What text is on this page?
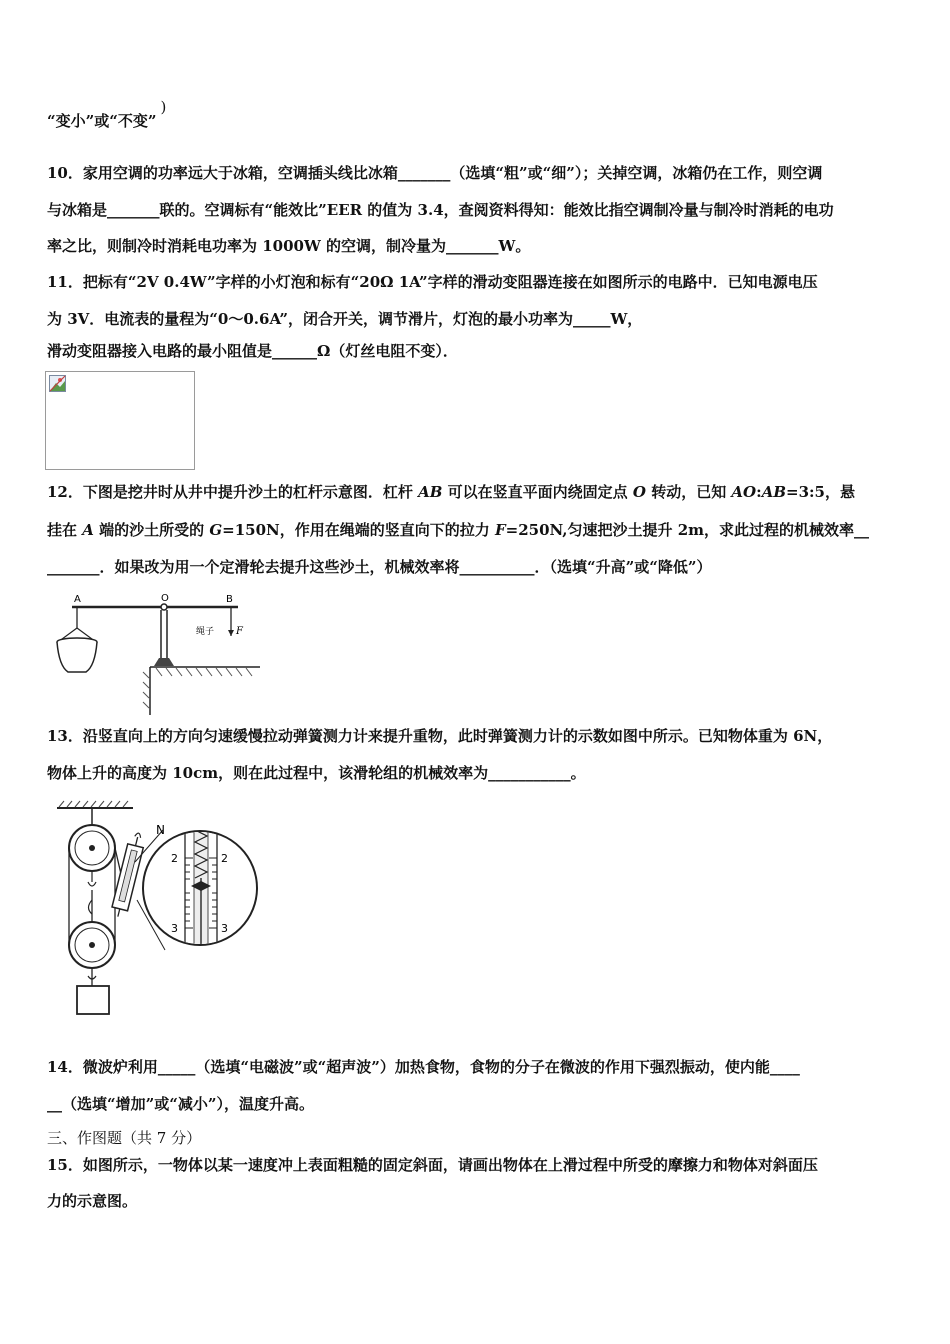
“变小”或“不变”)
10．家用空调的功率远大于冰箱，空调插头线比冰箱_______（选填“粗”或“细”）；关掉空调，冰箱仍在工作，则空调
与冰箱是_______联的。空调标有“能效比”EER 的值为 3.4，查阅资料得知：能效比指空调制冷量与制冷时消耗的电功
率之比，则制冷时消耗电功率为 1000W 的空调，制冷量为_______W。
11．把标有“2V 0.4W”字样的小灯泡和标有“20Ω 1A”字样的滑动变阻器连接在如图所示的电路中．已知电源电压
为 3V．电流表的量程为“0～0.6A”，闭合开关，调节滑片，灯泡的最小功率为_____W，
滑动变阻器接入电路的最小阻值是______Ω（灯丝电阻不变）．
12．下图是挖井时从井中提升沙土的杠杆示意图．杠杆 AB 可以在竖直平面内绕固定点 O 转动，已知 AO:AB=3:5，悬
挂在 A 端的沙土所受的 G=150N，作用在绳端的竖直向下的拉力 F=250N,匀速把沙土提升 2m，求此过程的机械效率__
_______．如果改为用一个定滑轮去提升这些沙土，机械效率将__________．（选填“升高”或“降低”）
A	O	B
绳子 F
13．沿竖直向上的方向匀速缓慢拉动弹簧测力计来提升重物，此时弹簧测力计的示数如图中所示。已知物体重为 6N，
物体上升的高度为 10cm，则在此过程中，该滑轮组的机械效率为___________。
N
2	2
3	3
14．微波炉利用_____（选填“电磁波”或“超声波”）加热食物，食物的分子在微波的作用下强烈振动，使内能____
__（选填“增加”或“减小”），温度升高。
三、作图题（共 7 分）
15．如图所示，一物体以某一速度冲上表面粗糙的固定斜面，请画出物体在上滑过程中所受的摩擦力和物体对斜面压
力的示意图。
